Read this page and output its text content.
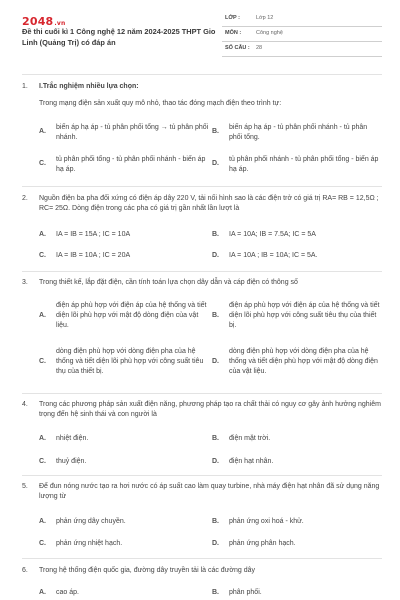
2048.vn
Đề thi cuối kì 1 Công nghệ 12 năm 2024-2025 THPT Gio Linh (Quảng Trị) có đáp án
LỚP :	Lớp 12
MÔN :	Công nghệ
SỐ CÂU : 28
1. I.Trắc nghiệm nhiều lựa chọn:
Trong mạng điện sản xuất quy mô nhỏ, thao tác đóng mạch điện theo trình tự:
A.
biến áp hạ áp - tủ phân phối tổng → tủ phân phối nhánh.
B.
biến áp hạ áp - tủ phân phối nhánh - tủ phân phối tổng.
C.
tủ phân phối tổng - tủ phân phối nhánh - biến áp hạ áp.
D.
tủ phân phối nhánh - tủ phân phối tổng - biến áp hạ áp.
2. Nguồn điện ba pha đối xứng có điện áp dây 220 V, tải nối hình sao là các điện trở có giá trị RA= RB = 12,5Ω ; RC= 25Ω. Dòng điện trong các pha có giá trị gần nhất lần lượt là
A. IA = IB = 15A ; IC = 10A	B. IA = 10A; IB = 7.5A; IC = 5A
C. IA = IB = 10A ; IC = 20A	D. IA = 10A ; IB = 10A; IC = 5A.
3. Trong thiết kế, lắp đặt điện, cần tính toán lựa chọn dây dẫn và cáp điện có thông số
A.
điện áp phù hợp với điện áp của hệ thống và tiết diện lõi phù hợp với mật độ dòng điện của vật liệu.
B.
điện áp phù hợp với điện áp của hệ thống và tiết diện lõi phù hợp với công suất tiêu thụ của thiết bị.
C.
dòng điện phù hợp với dòng điện pha của hệ thống và tiết diện lõi phù hợp với công suất tiêu thụ của thiết bị.
D.
dòng điện phù hợp với dòng điện pha của hệ thống và tiết diện phù hợp với mật độ dòng điện của vật liệu.
4. Trong các phương pháp sản xuất điện năng, phương pháp tạo ra chất thải có nguy cơ gây ảnh hưởng nghiêm trọng đến hệ sinh thái và con người là
A. nhiệt điện.	B. điện mặt trời.
C. thuỷ điện.	D. điện hạt nhân.
5. Để đun nóng nước tạo ra hơi nước có áp suất cao làm quay turbine, nhà máy điện hạt nhân đã sử dụng năng lượng từ
A. phản ứng dây chuyền.	B. phản ứng oxi hoá - khử.
C. phản ứng nhiệt hạch.	D. phản ứng phân hạch.
6. Trong hệ thống điện quốc gia, đường dây truyền tải là các đường dây
A. cao áp.	B. phân phối.
